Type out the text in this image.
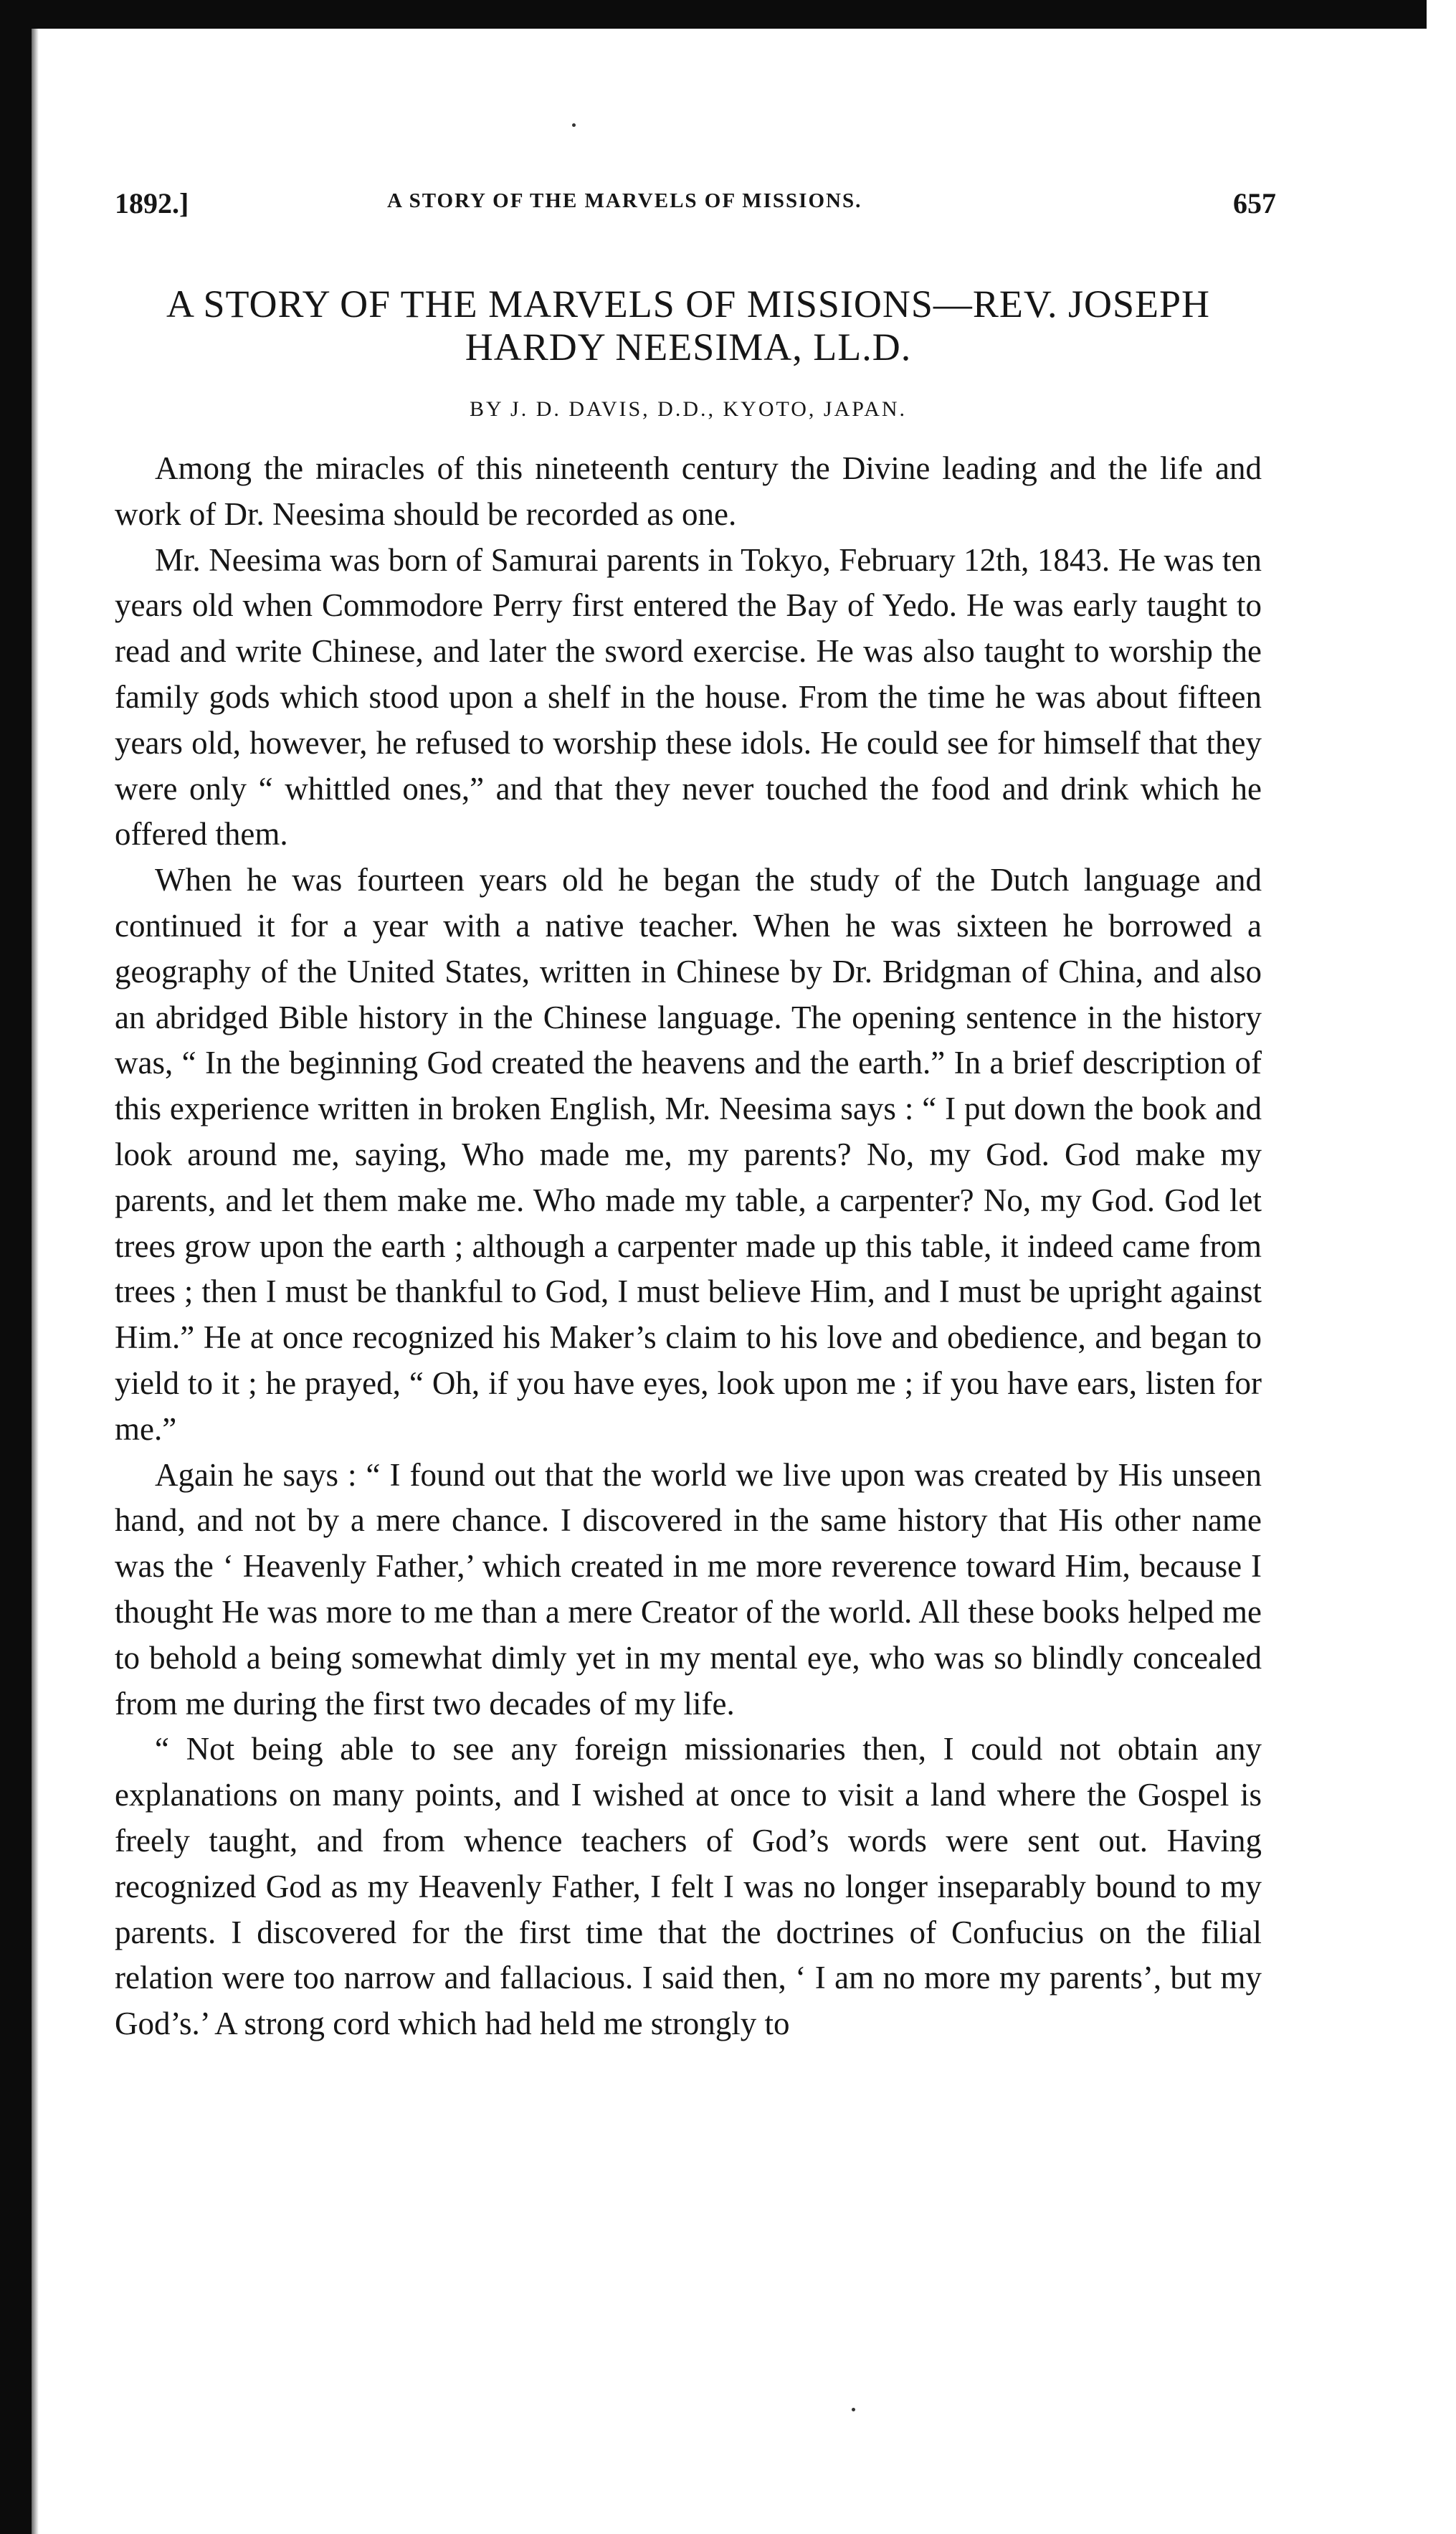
1892.]	A STORY OF THE MARVELS OF MISSIONS.	657
A STORY OF THE MARVELS OF MISSIONS—REV. JOSEPH
HARDY NEESIMA, LL.D.
BY J. D. DAVIS, D.D., KYOTO, JAPAN.

Among the miracles of this nineteenth century the Divine leading and the life and work of Dr. Neesima should be recorded as one.

Mr. Neesima was born of Samurai parents in Tokyo, February 12th, 1843. He was ten years old when Commodore Perry first entered the Bay of Yedo. He was early taught to read and write Chinese, and later the sword exercise. He was also taught to worship the family gods which stood upon a shelf in the house. From the time he was about fifteen years old, however, he refused to worship these idols. He could see for himself that they were only “ whittled ones,” and that they never touched the food and drink which he offered them.

When he was fourteen years old he began the study of the Dutch language and continued it for a year with a native teacher. When he was sixteen he borrowed a geography of the United States, written in Chinese by Dr. Bridgman of China, and also an abridged Bible history in the Chinese language. The opening sentence in the history was, “ In the beginning God created the heavens and the earth.” In a brief description of this experience written in broken English, Mr. Neesima says : “ I put down the book and look around me, saying, Who made me, my parents? No, my God. God make my parents, and let them make me. Who made my table, a carpenter? No, my God. God let trees grow upon the earth ; although a carpenter made up this table, it indeed came from trees ; then I must be thankful to God, I must believe Him, and I must be upright against Him.” He at once recognized his Maker’s claim to his love and obedience, and began to yield to it ; he prayed, “ Oh, if you have eyes, look upon me ; if you have ears, listen for me.”

Again he says : “ I found out that the world we live upon was created by His unseen hand, and not by a mere chance. I discovered in the same history that His other name was the ‘ Heavenly Father,’ which created in me more reverence toward Him, because I thought He was more to me than a mere Creator of the world. All these books helped me to behold a being somewhat dimly yet in my mental eye, who was so blindly concealed from me during the first two decades of my life.

“ Not being able to see any foreign missionaries then, I could not obtain any explanations on many points, and I wished at once to visit a land where the Gospel is freely taught, and from whence teachers of God’s words were sent out. Having recognized God as my Heavenly Father, I felt I was no longer inseparably bound to my parents. I discovered for the first time that the doctrines of Confucius on the filial relation were too narrow and fallacious. I said then, ‘ I am no more my parents’, but my God’s.’ A strong cord which had held me strongly to
